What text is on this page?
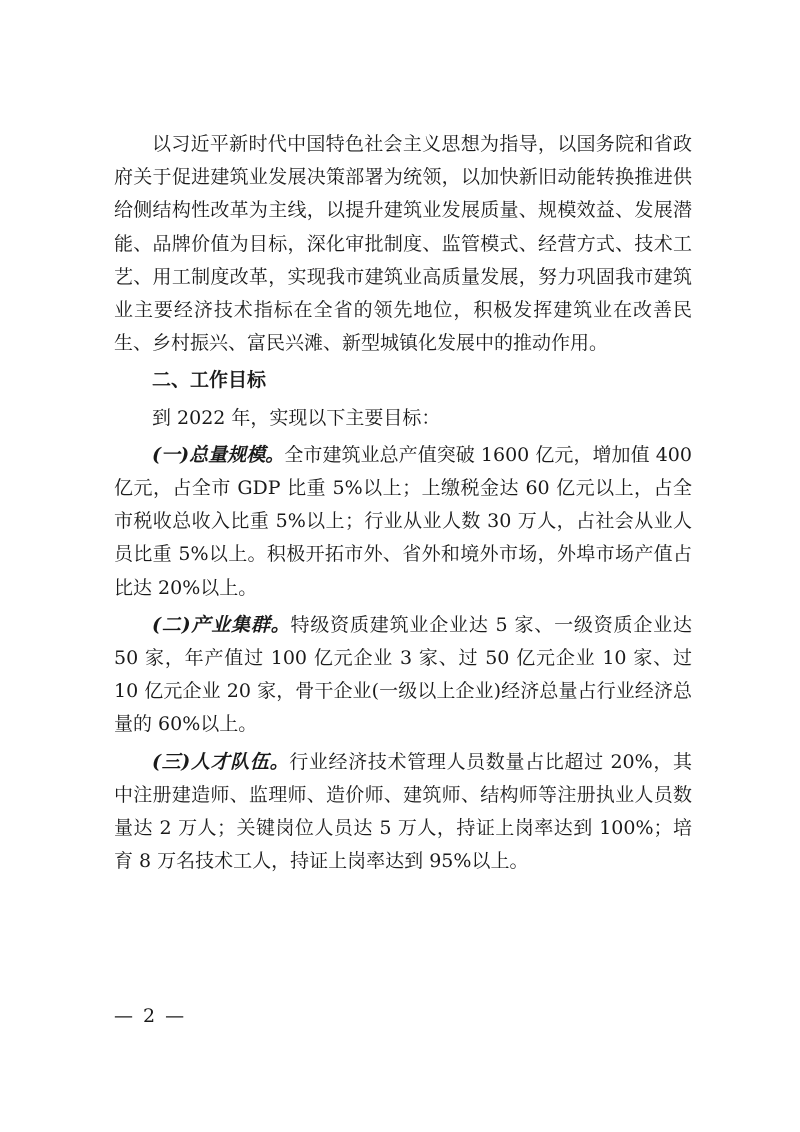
以习近平新时代中国特色社会主义思想为指导，以国务院和省政府关于促进建筑业发展决策部署为统领，以加快新旧动能转换推进供给侧结构性改革为主线，以提升建筑业发展质量、规模效益、发展潜能、品牌价值为目标，深化审批制度、监管模式、经营方式、技术工艺、用工制度改革，实现我市建筑业高质量发展，努力巩固我市建筑业主要经济技术指标在全省的领先地位，积极发挥建筑业在改善民生、乡村振兴、富民兴滩、新型城镇化发展中的推动作用。

二、工作目标

到 2022 年，实现以下主要目标：

(一)总量规模。全市建筑业总产值突破 1600 亿元，增加值 400 亿元，占全市 GDP 比重 5%以上；上缴税金达 60 亿元以上，占全市税收总收入比重 5%以上；行业从业人数 30 万人，占社会从业人员比重 5%以上。积极开拓市外、省外和境外市场，外埠市场产值占比达 20%以上。

(二)产业集群。特级资质建筑业企业达 5 家、一级资质企业达 50 家，年产值过 100 亿元企业 3 家、过 50 亿元企业 10 家、过 10 亿元企业 20 家，骨干企业(一级以上企业)经济总量占行业经济总量的 60%以上。

(三)人才队伍。行业经济技术管理人员数量占比超过 20%，其中注册建造师、监理师、造价师、建筑师、结构师等注册执业人员数量达 2 万人；关键岗位人员达 5 万人，持证上岗率达到 100%；培育 8 万名技术工人，持证上岗率达到 95%以上。

— 2 —
